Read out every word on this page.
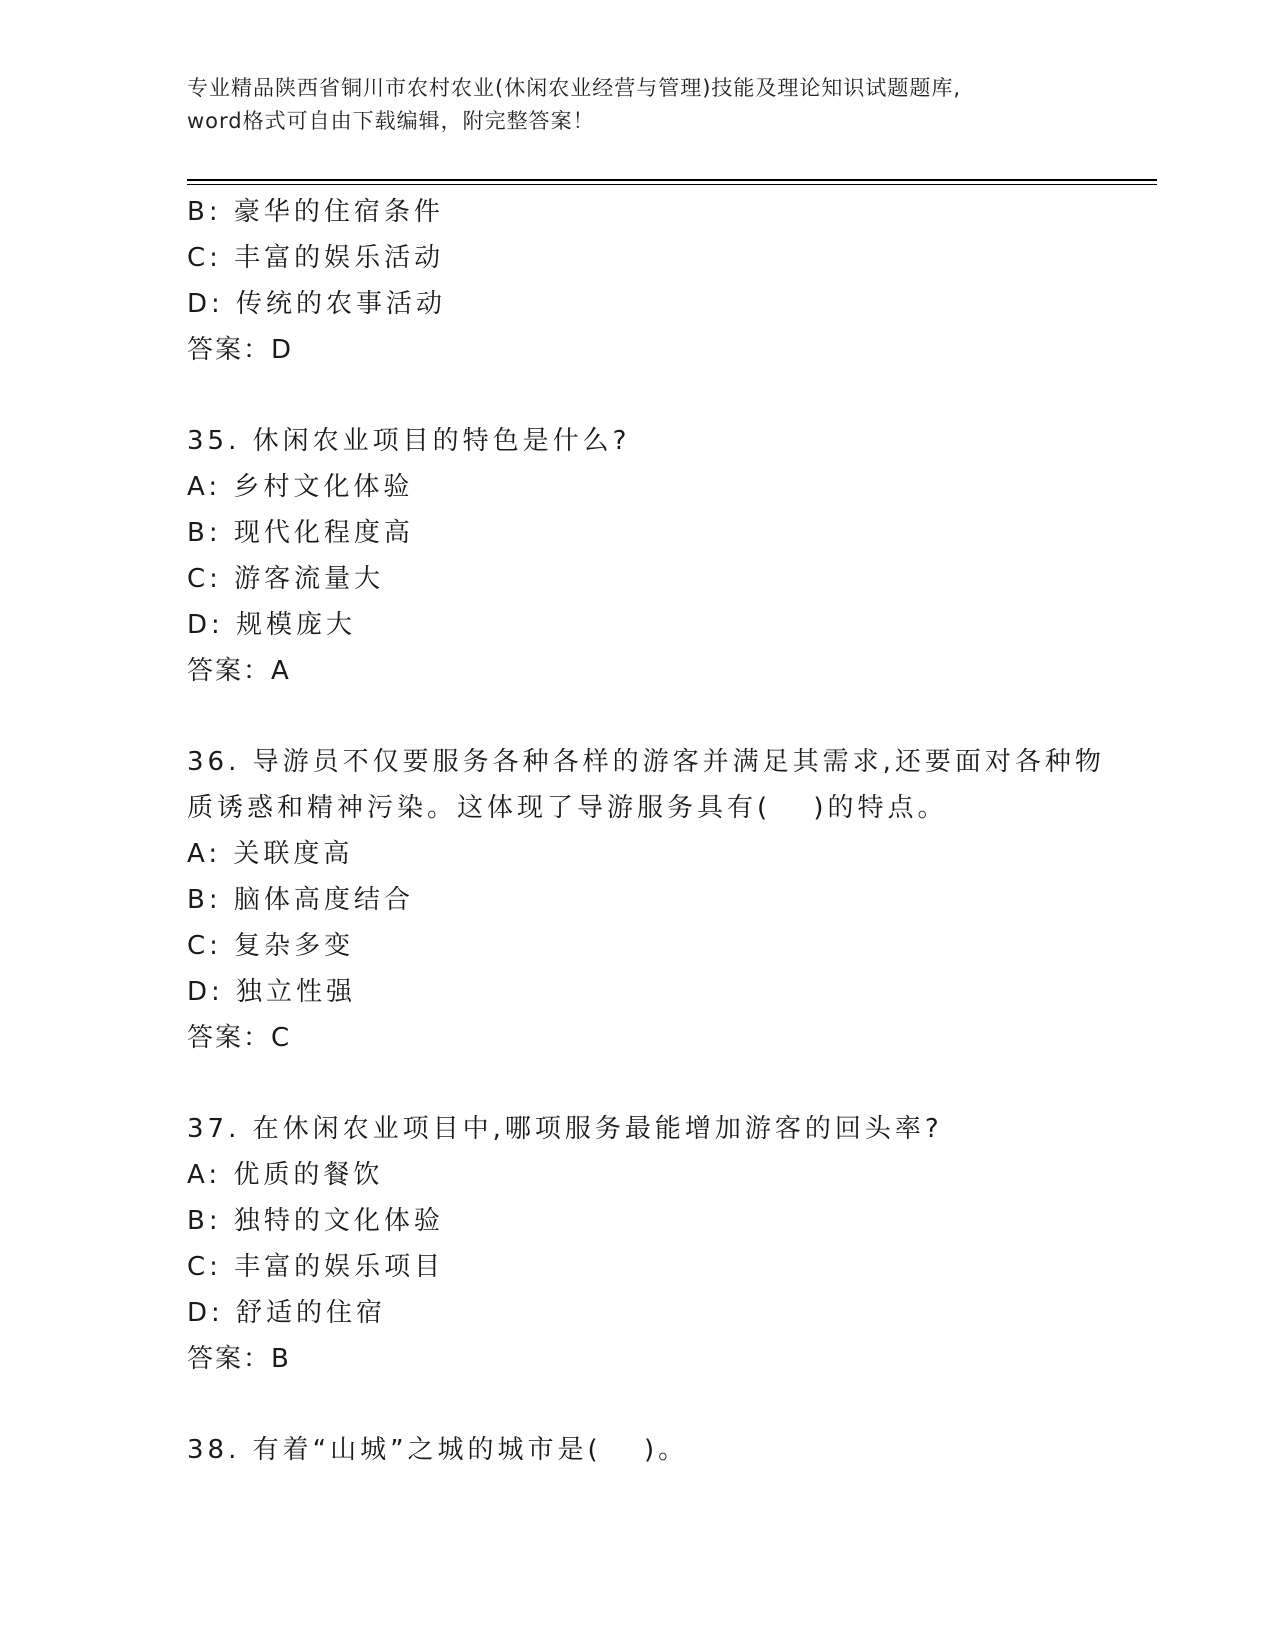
专业精品陕西省铜川市农村农业(休闲农业经营与管理)技能及理论知识试题题库,
word格式可自由下载编辑，附完整答案！
B: 豪华的住宿条件
C: 丰富的娱乐活动
D: 传统的农事活动
答案：D
35. 休闲农业项目的特色是什么?
A: 乡村文化体验
B: 现代化程度高
C: 游客流量大
D: 规模庞大
答案：A
36. 导游员不仅要服务各种各样的游客并满足其需求,还要面对各种物
质诱惑和精神污染。这体现了导游服务具有(　 )的特点。
A: 关联度高
B: 脑体高度结合
C: 复杂多变
D: 独立性强
答案：C
37. 在休闲农业项目中,哪项服务最能增加游客的回头率?
A: 优质的餐饮
B: 独特的文化体验
C: 丰富的娱乐项目
D: 舒适的住宿
答案：B
38. 有着“山城”之城的城市是(　 )。
